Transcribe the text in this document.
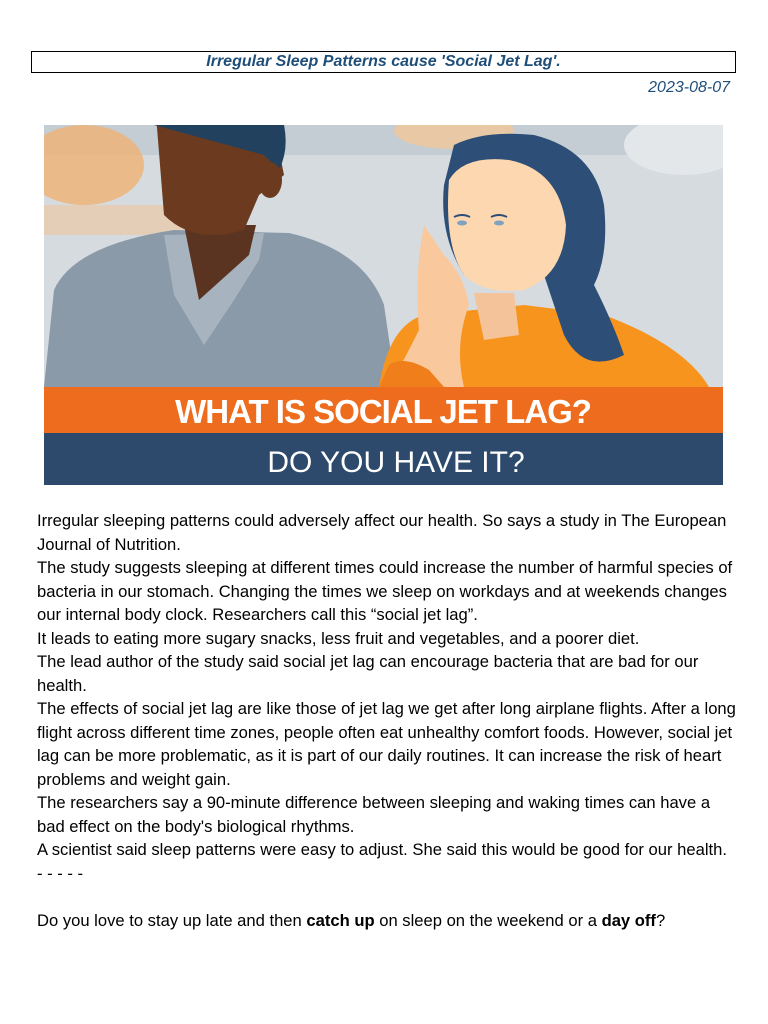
Irregular Sleep Patterns cause 'Social Jet Lag'.
2023-08-07
WHAT IS SOCIAL JET LAG?
DO YOU HAVE IT?

Irregular sleeping patterns could adversely affect our health. So says a study in The European Journal of Nutrition.

The study suggests sleeping at different times could increase the number of harmful species of bacteria in our stomach. Changing the times we sleep on workdays and at weekends changes our internal body clock. Researchers call this “social jet lag”.

It leads to eating more sugary snacks, less fruit and vegetables, and a poorer diet.

The lead author of the study said social jet lag can encourage bacteria that are bad for our health.

The effects of social jet lag are like those of jet lag we get after long airplane flights. After a long flight across different time zones, people often eat unhealthy comfort foods. However, social jet lag can be more problematic, as it is part of our daily routines. It can increase the risk of heart problems and weight gain.

The researchers say a 90-minute difference between sleeping and waking times can have a bad effect on the body's biological rhythms.

A scientist said sleep patterns were easy to adjust. She said this would be good for our health.

- - - - -

Do you love to stay up late and then catch up on sleep on the weekend or a day off?
